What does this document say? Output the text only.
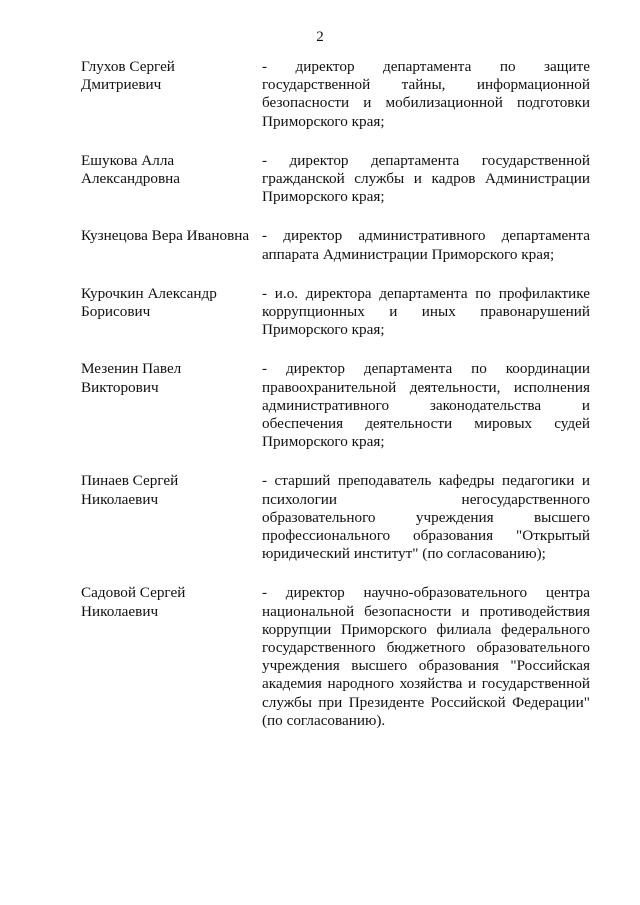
2
Глухов Сергей
Дмитриевич
- директор департамента по защите
государственной тайны, информационной
безопасности и мобилизационной подготовки
Приморского края;
Ешукова Алла
Александровна
- директор департамента государственной
гражданской службы и кадров Администрации
Приморского края;
Кузнецова Вера Ивановна - директор административного департамента
аппарата Администрации Приморского края;
Курочкин Александр
Борисович
- и.о. директора департамента по профилактике
коррупционных и иных правонарушений
Приморского края;
Мезенин Павел
Викторович
- директор департамента по координации
правоохранительной деятельности, исполнения
административного законодательства и
обеспечения деятельности мировых судей
Приморского края;
Пинаев Сергей
Николаевич
- старший преподаватель кафедры педагогики и
психологии негосударственного
образовательного учреждения высшего
профессионального образования "Открытый
юридический институт" (по согласованию);
Садовой Сергей
Николаевич
- директор научно-образовательного центра
национальной безопасности и противодействия
коррупции Приморского филиала федерального
государственного бюджетного образовательного
учреждения высшего образования "Российская
академия народного хозяйства и государственной
службы при Президенте Российской Федерации"
(по согласованию).
